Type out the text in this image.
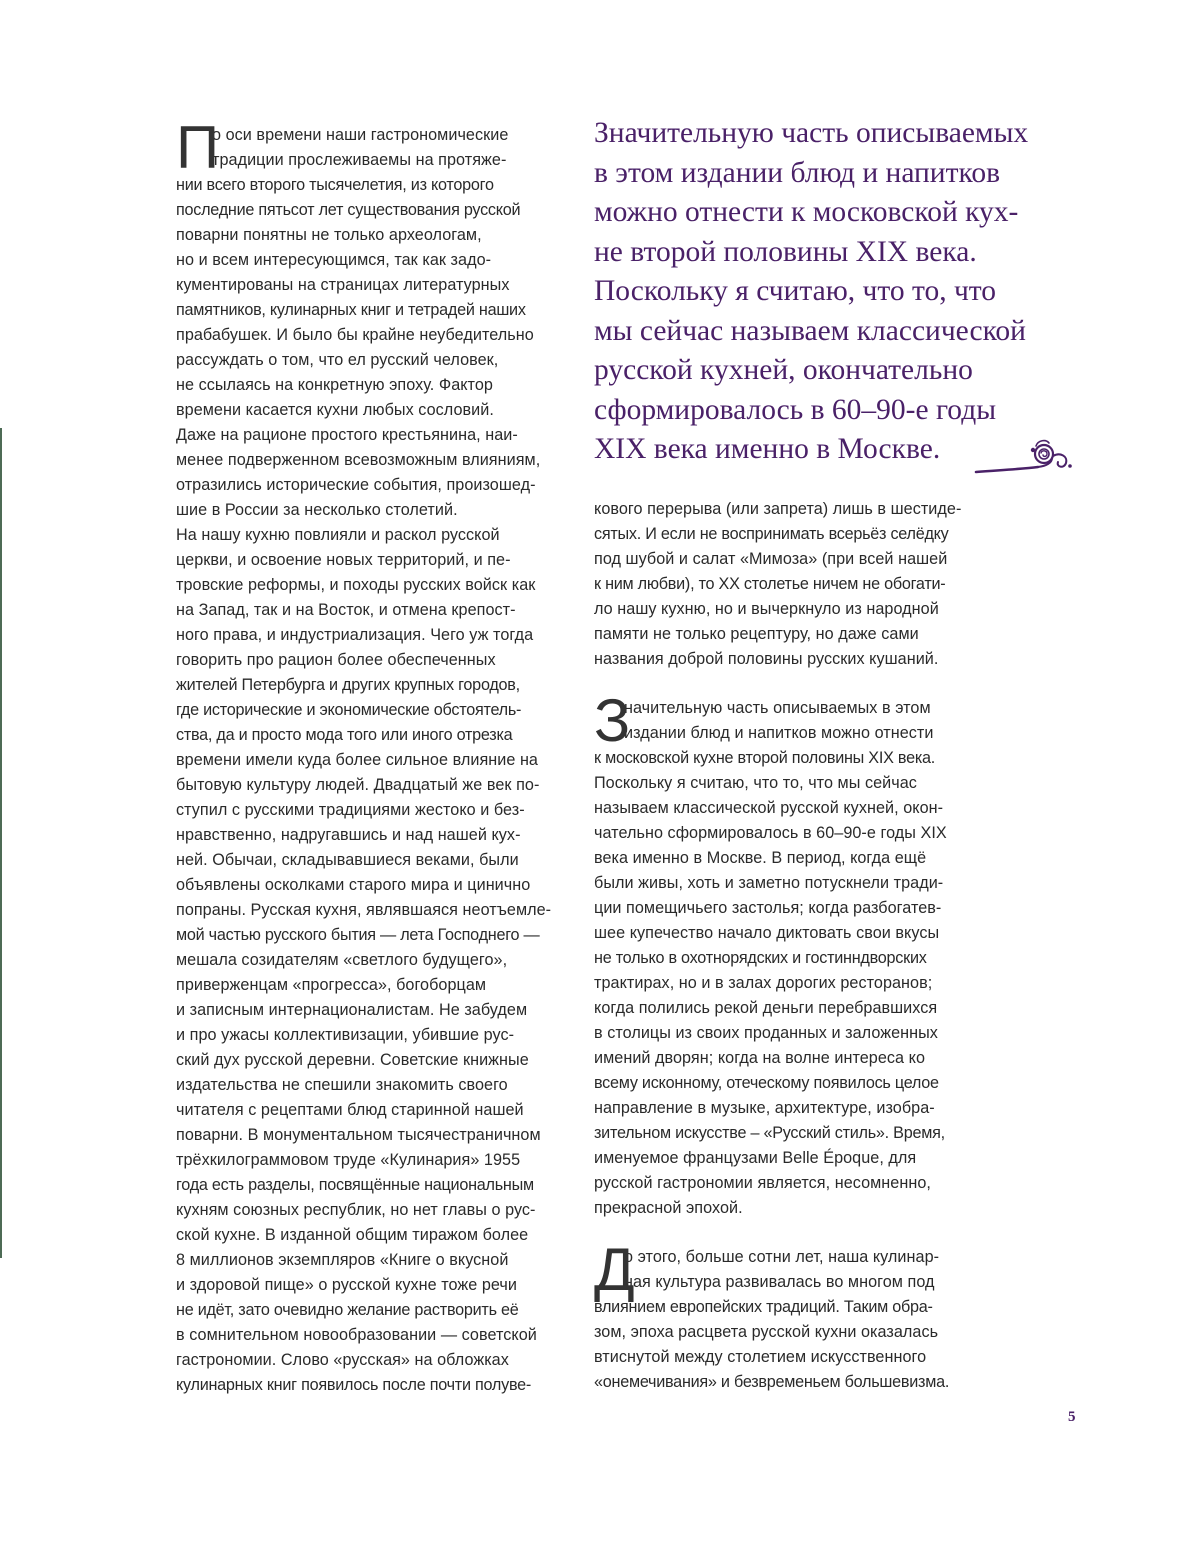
П
о оси времени наши гастрономические
традиции прослеживаемы на протяже-
нии всего второго тысячелетия, из которого
последние пятьсот лет существования русской
поварни понятны не только археологам,
но и всем интересующимся, так как задо-
кументированы на страницах литературных
памятников, кулинарных книг и тетрадей наших
прабабушек. И было бы крайне неубедительно
рассуждать о том, что ел русский человек,
не ссылаясь на конкретную эпоху. Фактор
времени касается кухни любых сословий.
Даже на рационе простого крестьянина, наи-
менее подверженном всевозможным влияниям,
отразились исторические события, произошед-
шие в России за несколько столетий.
На нашу кухню повлияли и раскол русской
церкви, и освоение новых территорий, и пе-
тровские реформы, и походы русских войск как
на Запад, так и на Восток, и отмена крепост-
ного права, и индустриализация. Чего уж тогда
говорить про рацион более обеспеченных
жителей Петербурга и других крупных городов,
где исторические и экономические обстоятель-
ства, да и просто мода того или иного отрезка
времени имели куда более сильное влияние на
бытовую культуру людей. Двадцатый же век по-
ступил с русскими традициями жестоко и без-
нравственно, надругавшись и над нашей кух-
ней. Обычаи, складывавшиеся веками, были
объявлены осколками старого мира и цинично
попраны. Русская кухня, являвшаяся неотъемле-
мой частью русского бытия — лета Господнего —
мешала созидателям «светлого будущего»,
приверженцам «прогресса», богоборцам
и записным интернационалистам. Не забудем
и про ужасы коллективизации, убившие рус-
ский дух русской деревни. Советские книжные
издательства не спешили знакомить своего
читателя с рецептами блюд старинной нашей
поварни. В монументальном тысячестраничном
трёхкилограммовом труде «Кулинария» 1955
года есть разделы, посвящённые национальным
кухням союзных республик, но нет главы о рус-
ской кухне. В изданной общим тиражом более
8 миллионов экземпляров «Книге о вкусной
и здоровой пище» о русской кухне тоже речи
не идёт, зато очевидно желание растворить её
в сомнительном новообразовании — советской
гастрономии. Слово «русская» на обложках
кулинарных книг появилось после почти полуве-
Значительную часть описываемых
в этом издании блюд и напитков
можно отнести к московской кух-
не второй половины XIX века.
Поскольку я считаю, что то, что
мы сейчас называем классической
русской кухней, окончательно
сформировалось в 60–90-е годы
XIX века именно в Москве.
кового перерыва (или запрета) лишь в шестиде-
сятых. И если не воспринимать всерьёз селёдку
под шубой и салат «Мимоза» (при всей нашей
к ним любви), то XX столетье ничем не обогати-
ло нашу кухню, но и вычеркнуло из народной
памяти не только рецептуру, но даже сами
названия доброй половины русских кушаний.
З
начительную часть описываемых в этом
издании блюд и напитков можно отнести
к московской кухне второй половины XIX века.
Поскольку я считаю, что то, что мы сейчас
называем классической русской кухней, окон-
чательно сформировалось в 60–90-е годы XIX
века именно в Москве. В период, когда ещё
были живы, хоть и заметно потускнели тради-
ции помещичьего застолья; когда разбогатев-
шее купечество начало диктовать свои вкусы
не только в охотнорядских и гостинндворских
трактирах, но и в залах дорогих ресторанов;
когда полились рекой деньги перебравшихся
в столицы из своих проданных и заложенных
имений дворян; когда на волне интереса ко
всему исконному, отеческому появилось целое
направление в музыке, архитектуре, изобра-
зительном искусстве – «Русский стиль». Время,
именуемое французами Belle Époque, для
русской гастрономии является, несомненно,
прекрасной эпохой.
Д
о этого, больше сотни лет, наша кулинар-
ная культура развивалась во многом под
влиянием европейских традиций. Таким обра-
зом, эпоха расцвета русской кухни оказалась
втиснутой между столетием искусственного
«онемечивания» и безвременьем большевизма.
5
